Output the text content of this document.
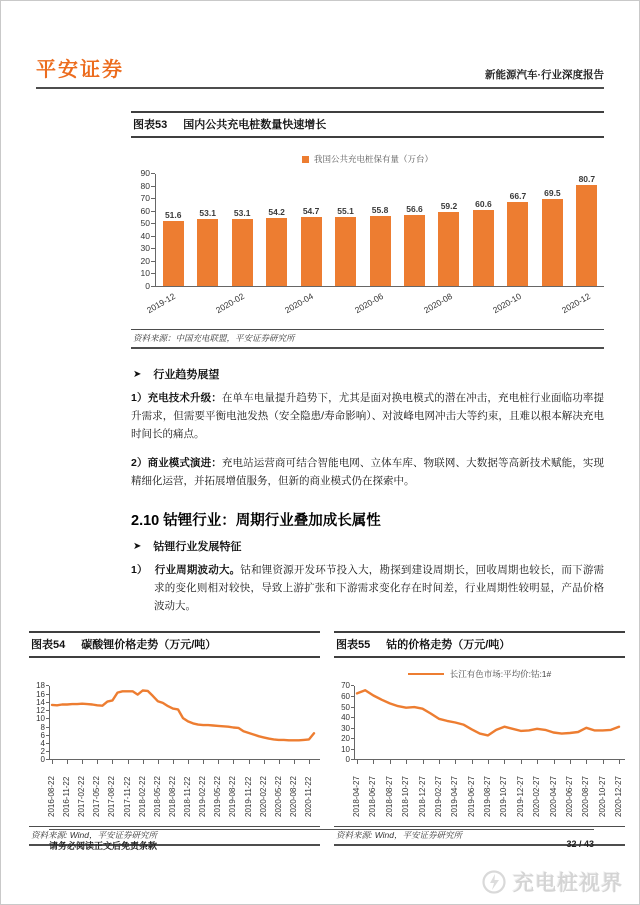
平安证券	新能源汽车·行业深度报告
图表53 国内公共充电桩数量快速增长
我国公共充电桩保有量（万台）
90
80
70
60
50
40
30
20
10
0
51.6 53.1 53.1 54.2 54.7 55.1 55.8 56.6 59.2 60.6
66.7 69.5
80.7
2019-12	2020-02	2020-04	2020-06	2020-08	2020-10	2020-12
资料来源：中国充电联盟，平安证券研究所
➤ 行业趋势展望

1）充电技术升级：在单车电量提升趋势下，尤其是面对换电模式的潜在冲击，充电桩行业面临功率提升需求，但需要平衡电池发热（安全隐患/寿命影响）、对波峰电网冲击大等约束，且难以根本解决充电时间长的痛点。

2）商业模式演进：充电站运营商可结合智能电网、立体车库、物联网、大数据等高新技术赋能，实现精细化运营，并拓展增值服务，但新的商业模式仍在探索中。

2.10 钴锂行业：周期行业叠加成长属性
➤ 钴锂行业发展特征

1） 行业周期波动大。钴和锂资源开发环节投入大，勘探到建设周期长，回收周期也较长，而下游需求的变化则相对较快，导致上游扩张和下游需求变化存在时间差，行业周期性较明显，产品价格波动大。

图表54 碳酸锂价格走势（万元/吨）
18
16
14
12
10
8
6
4
2
0
2016-08-22 2016-11-22 2017-02-22 2017-05-22 2017-08-22 2017-11-22 2018-02-22 2018-05-22 2018-08-22 2018-11-22 2019-02-22 2019-05-22 2019-08-22 2019-11-22 2020-02-22 2020-05-22 2020-08-22 2020-11-22
资料来源: Wind，平安证券研究所
图表55 钴的价格走势（万元/吨）
长江有色市场:平均价:钴:1#
70
60
50
40
30
20
10
0
2018-04-27 2018-06-27 2018-08-27 2018-10-27 2018-12-27 2019-02-27 2019-04-27 2019-06-27 2019-08-27 2019-10-27 2019-12-27 2020-02-27 2020-04-27 2020-06-27 2020-08-27 2020-10-27 2020-12-27
资料来源: Wind，平安证券研究所
请务必阅读正文后免责条款	32 / 43
充电桩视界
